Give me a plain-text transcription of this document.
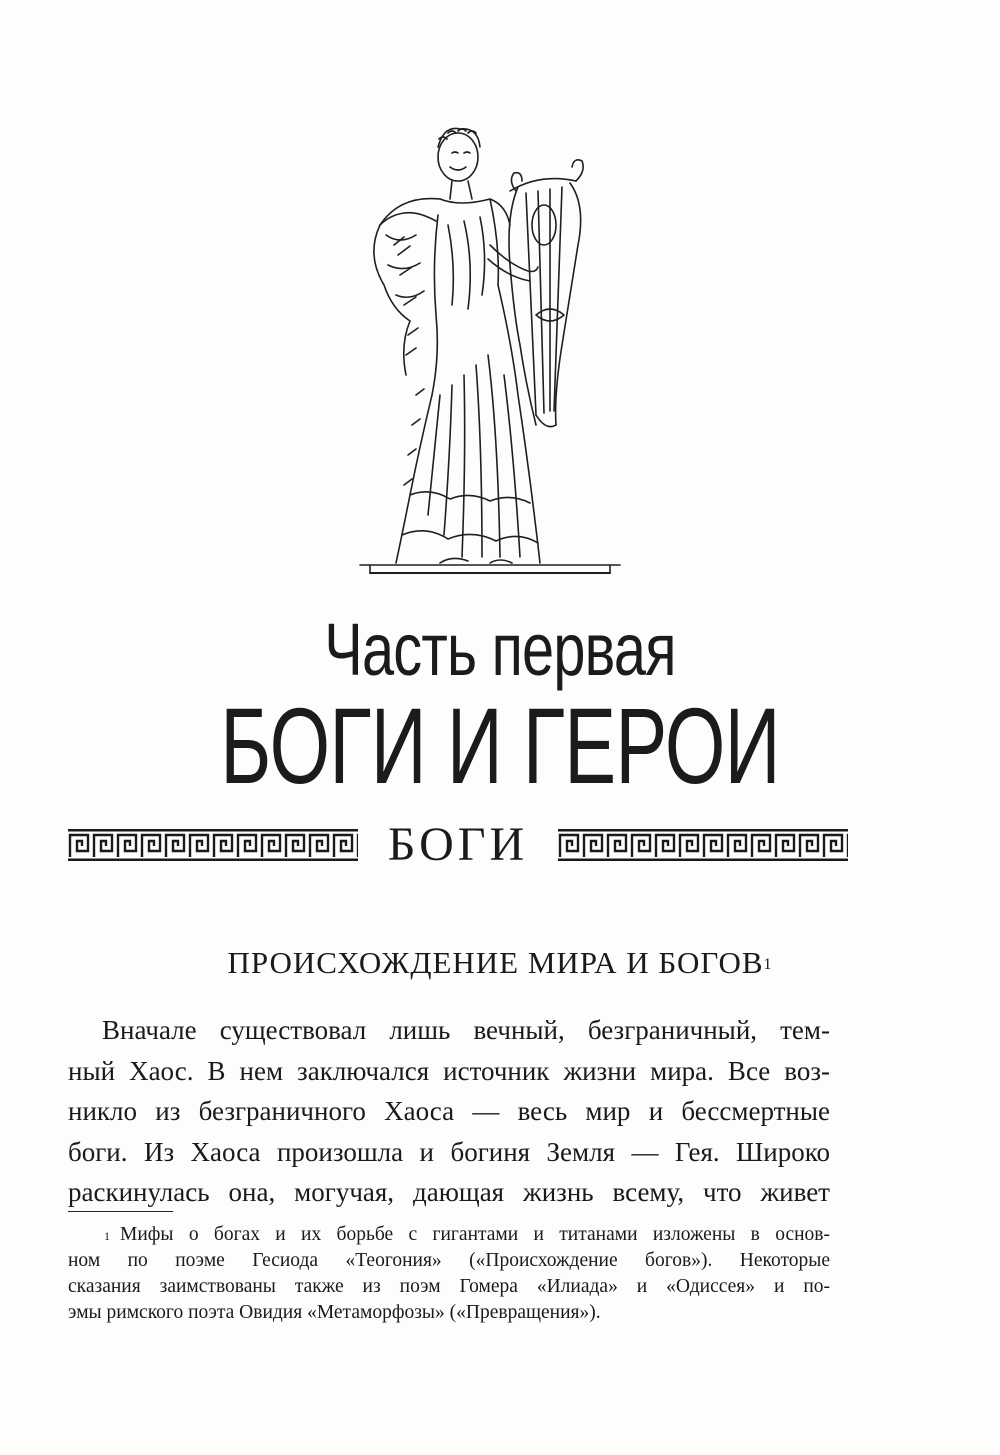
Часть первая
БОГИ И ГЕРОИ
БОГИ
ПРОИСХОЖДЕНИЕ МИРА И БОГОВ$^1$
Вначале существовал лишь вечный, безграничный, тем-
ный Хаос. В нем заключался источник жизни мира. Все воз-
никло из безграничного Хаоса — весь мир и бессмертные
боги. Из Хаоса произошла и богиня Земля — Гея. Широко
раскинулась она, могучая, дающая жизнь всему, что живет
$^1$ Мифы о богах и их борьбе с гигантами и титанами изложены в основ-
ном по поэме Гесиода «Теогония» («Происхождение богов»). Некоторые
сказания заимствованы также из поэм Гомера «Илиада» и «Одиссея» и по-
эмы римского поэта Овидия «Метаморфозы» («Превращения»).
